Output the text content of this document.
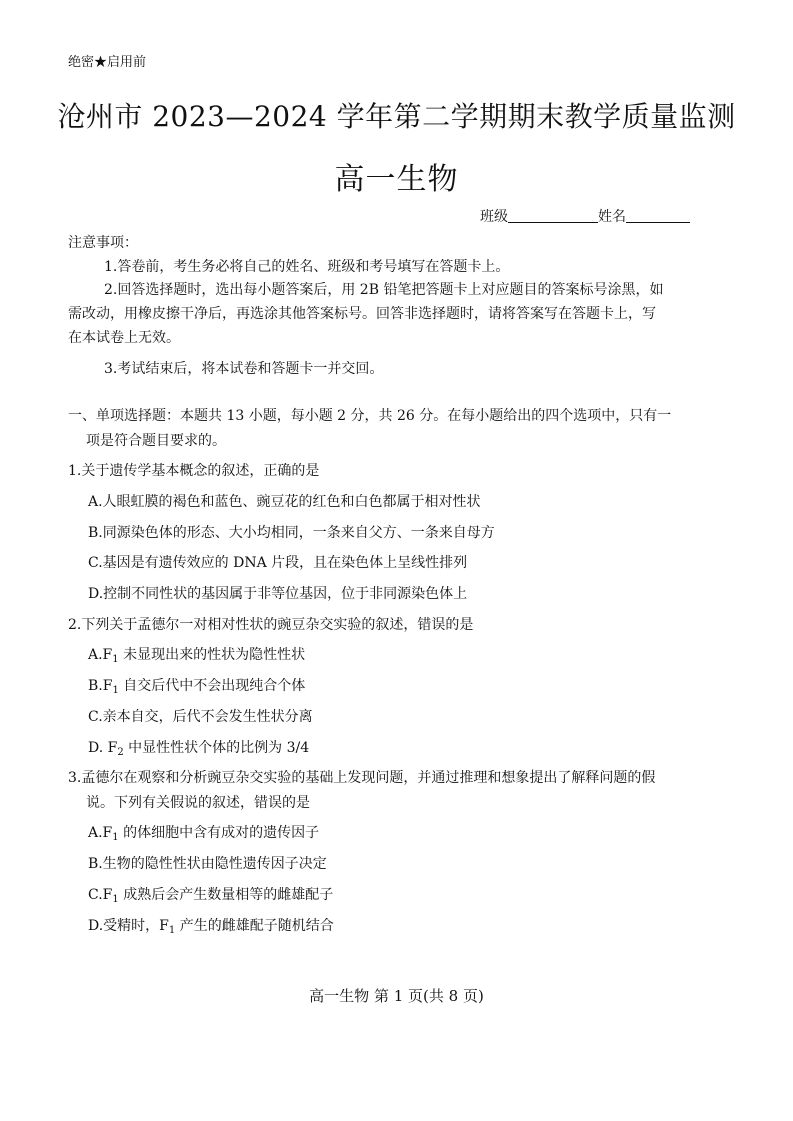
绝密★启用前
沧州市 2023—2024 学年第二学期期末教学质量监测
高一生物
班级	姓名
注意事项：
1.答卷前，考生务必将自己的姓名、班级和考号填写在答题卡上。
2.回答选择题时，选出每小题答案后，用 2B 铅笔把答题卡上对应题目的答案标号涂黑，如
需改动，用橡皮擦干净后，再选涂其他答案标号。回答非选择题时，请将答案写在答题卡上，写
在本试卷上无效。
3.考试结束后，将本试卷和答题卡一并交回。
一、单项选择题：本题共 13 小题，每小题 2 分，共 26 分。在每小题给出的四个选项中，只有一
项是符合题目要求的。
1.关于遗传学基本概念的叙述，正确的是
A.人眼虹膜的褐色和蓝色、豌豆花的红色和白色都属于相对性状
B.同源染色体的形态、大小均相同，一条来自父方、一条来自母方
C.基因是有遗传效应的 DNA 片段，且在染色体上呈线性排列
D.控制不同性状的基因属于非等位基因，位于非同源染色体上
2.下列关于孟德尔一对相对性状的豌豆杂交实验的叙述，错误的是
$A.F_1$ 未显现出来的性状为隐性性状
$B.F_1$ 自交后代中不会出现纯合个体
C.亲本自交，后代不会发生性状分离
D. $F_2$ 中显性性状个体的比例为 3/4
3.孟德尔在观察和分析豌豆杂交实验的基础上发现问题，并通过推理和想象提出了解释问题的假
说。下列有关假说的叙述，错误的是
$A.F_1$ 的体细胞中含有成对的遗传因子
B.生物的隐性性状由隐性遗传因子决定
$C.F_1$ 成熟后会产生数量相等的雌雄配子
D.受精时，$F_1$ 产生的雌雄配子随机结合
高一生物 第 1 页(共 8 页)
